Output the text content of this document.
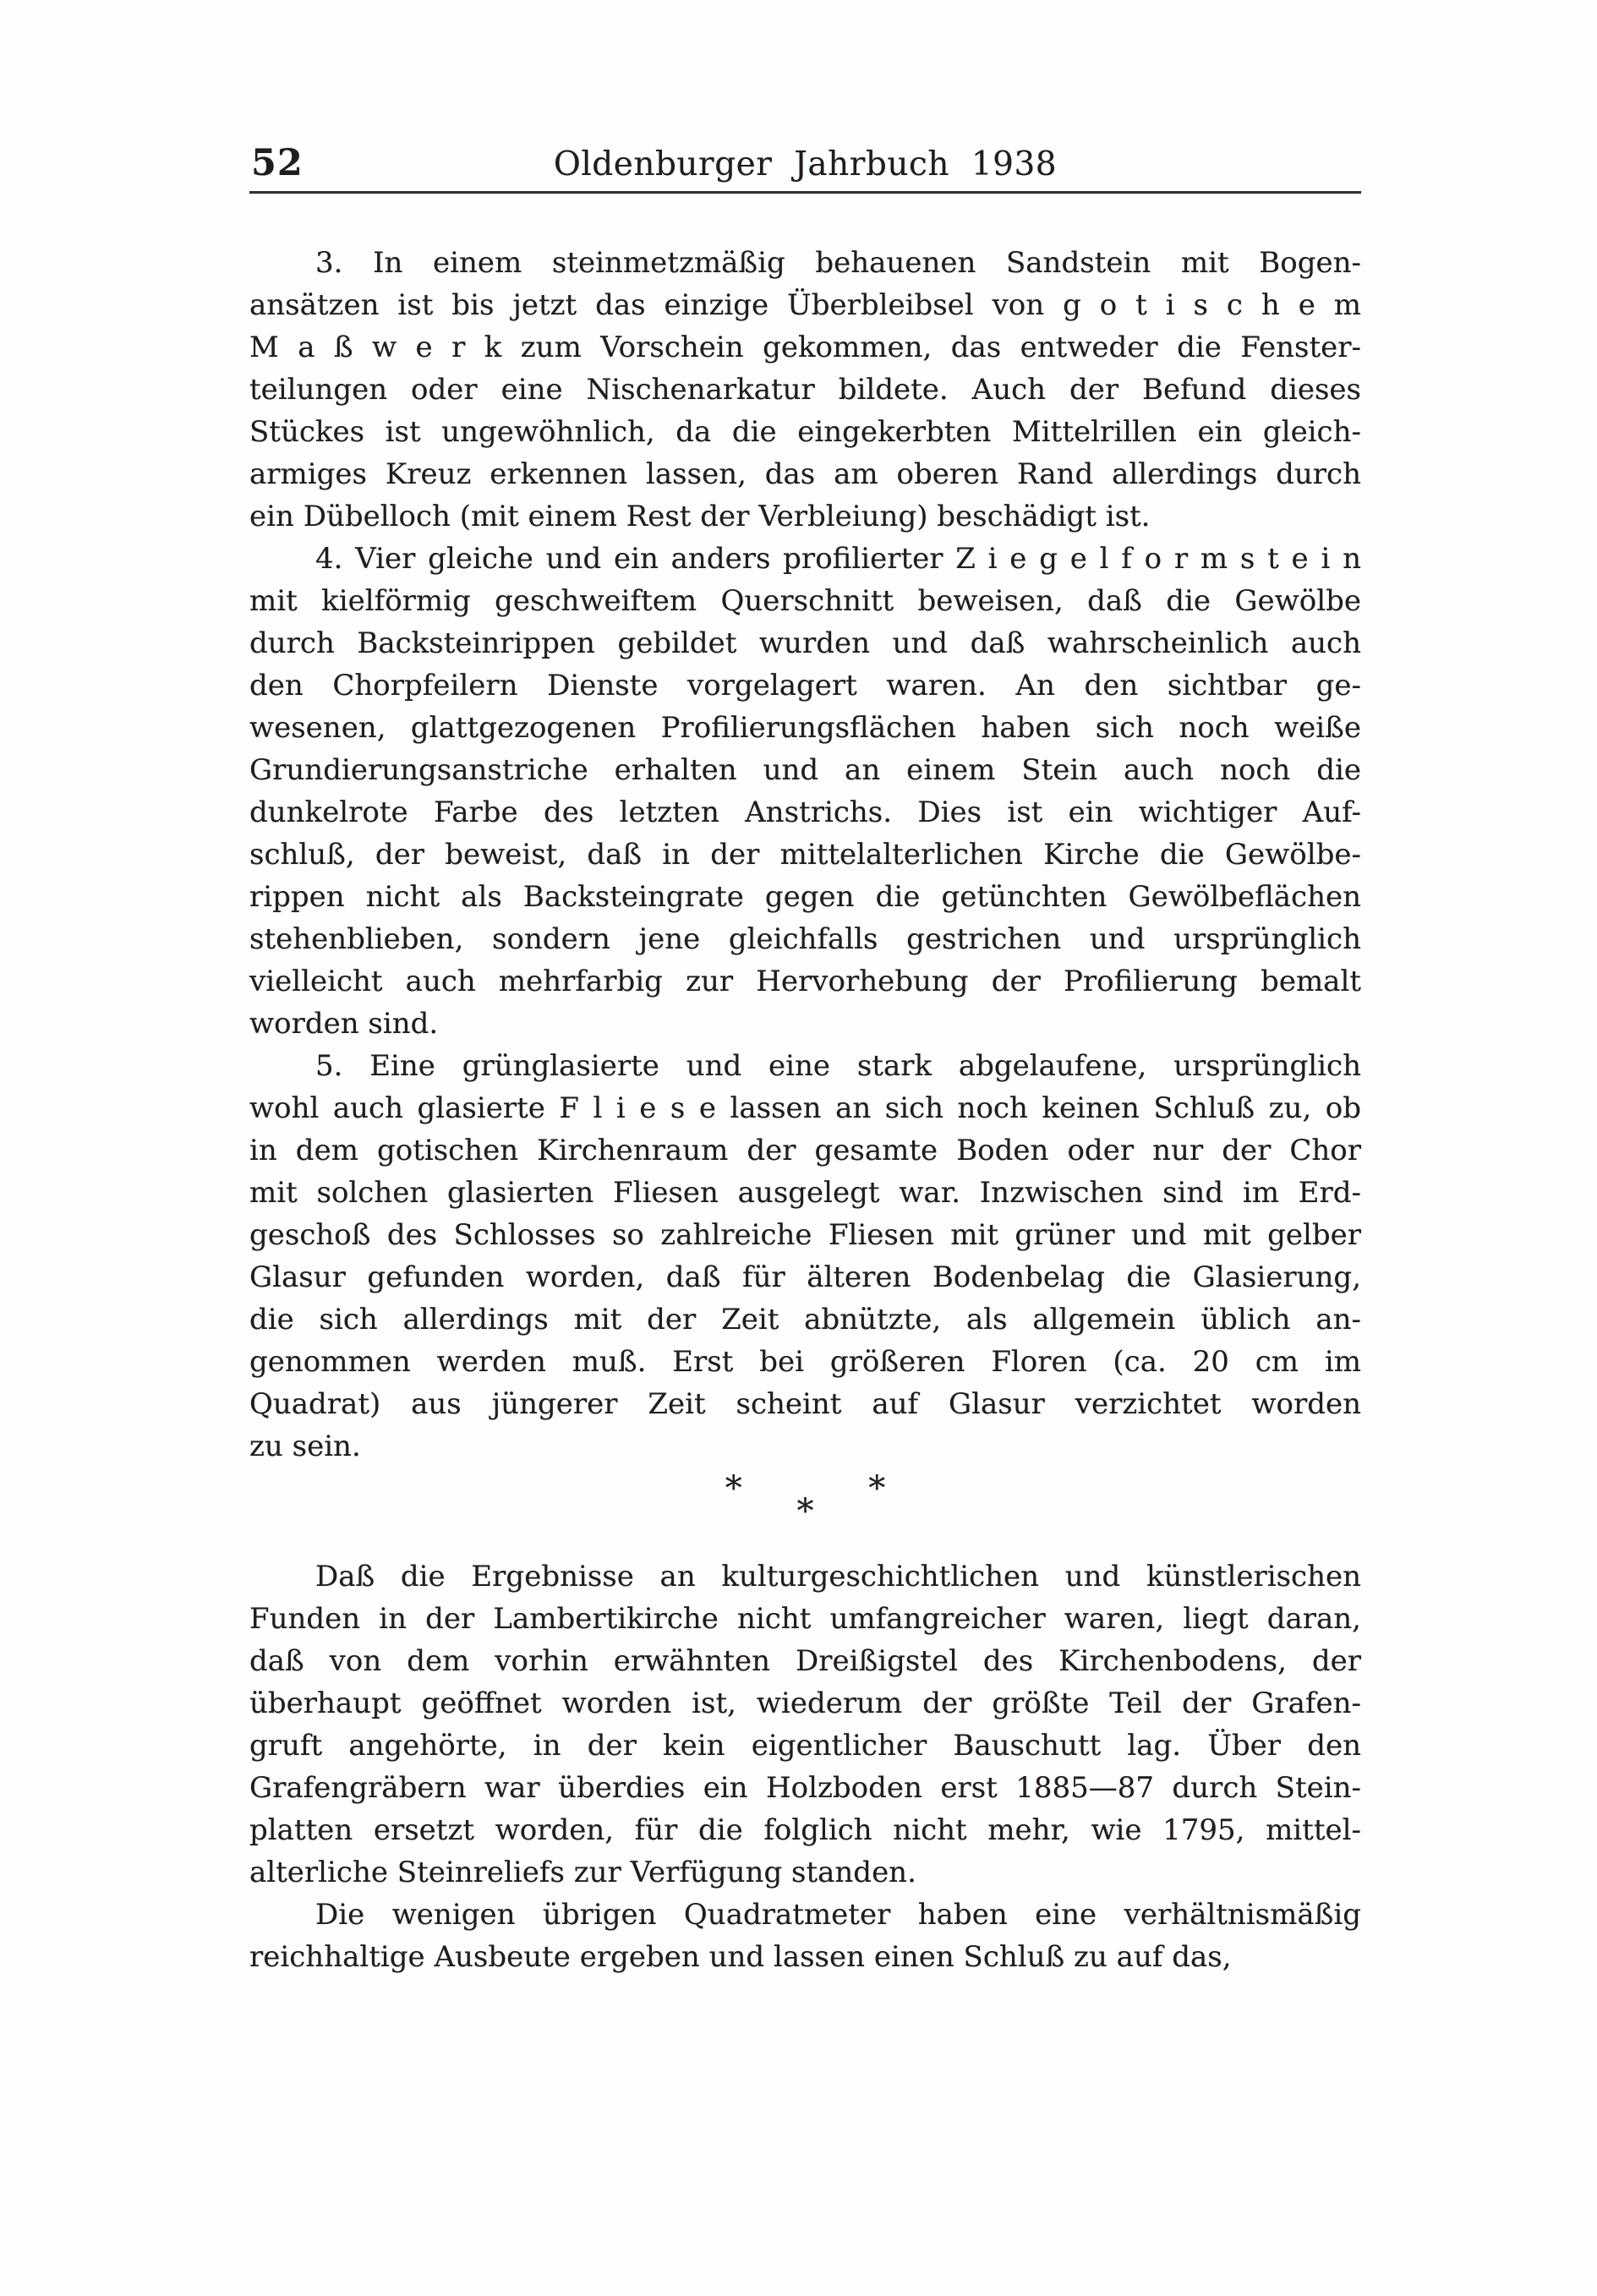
52	Oldenburger Jahrbuch 1938
3. In einem steinmetzmäßig behauenen Sandstein mit Bogen-
ansätzen ist bis jetzt das einzige Überbleibsel von g o t i s c h e m
M a ß w e r k zum Vorschein gekommen, das entweder die Fenster-
teilungen oder eine Nischenarkatur bildete. Auch der Befund dieses
Stückes ist ungewöhnlich, da die eingekerbten Mittelrillen ein gleich-
armiges Kreuz erkennen lassen, das am oberen Rand allerdings durch
ein Dübelloch (mit einem Rest der Verbleiung) beschädigt ist.
4. Vier gleiche und ein anders profilierter Z i e g e l f o r m s t e i n
mit kielförmig geschweiftem Querschnitt beweisen, daß die Gewölbe
durch Backsteinrippen gebildet wurden und daß wahrscheinlich auch
den Chorpfeilern Dienste vorgelagert waren. An den sichtbar ge-
wesenen, glattgezogenen Profilierungsflächen haben sich noch weiße
Grundierungsanstriche erhalten und an einem Stein auch noch die
dunkelrote Farbe des letzten Anstrichs. Dies ist ein wichtiger Auf-
schluß, der beweist, daß in der mittelalterlichen Kirche die Gewölbe-
rippen nicht als Backsteingrate gegen die getünchten Gewölbeflächen
stehenblieben, sondern jene gleichfalls gestrichen und ursprünglich
vielleicht auch mehrfarbig zur Hervorhebung der Profilierung bemalt
worden sind.
5. Eine grünglasierte und eine stark abgelaufene, ursprünglich
wohl auch glasierte F l i e s e lassen an sich noch keinen Schluß zu, ob
in dem gotischen Kirchenraum der gesamte Boden oder nur der Chor
mit solchen glasierten Fliesen ausgelegt war. Inzwischen sind im Erd-
geschoß des Schlosses so zahlreiche Fliesen mit grüner und mit gelber
Glasur gefunden worden, daß für älteren Bodenbelag die Glasierung,
die sich allerdings mit der Zeit abnützte, als allgemein üblich an-
genommen werden muß. Erst bei größeren Floren (ca. 20 cm im
Quadrat) aus jüngerer Zeit scheint auf Glasur verzichtet worden
zu sein.
* * *
Daß die Ergebnisse an kulturgeschichtlichen und künstlerischen
Funden in der Lambertikirche nicht umfangreicher waren, liegt daran,
daß von dem vorhin erwähnten Dreißigstel des Kirchenbodens, der
überhaupt geöffnet worden ist, wiederum der größte Teil der Grafen-
gruft angehörte, in der kein eigentlicher Bauschutt lag. Über den
Grafengräbern war überdies ein Holzboden erst 1885—87 durch Stein-
platten ersetzt worden, für die folglich nicht mehr, wie 1795, mittel-
alterliche Steinreliefs zur Verfügung standen.
Die wenigen übrigen Quadratmeter haben eine verhältnismäßig
reichhaltige Ausbeute ergeben und lassen einen Schluß zu auf das,
